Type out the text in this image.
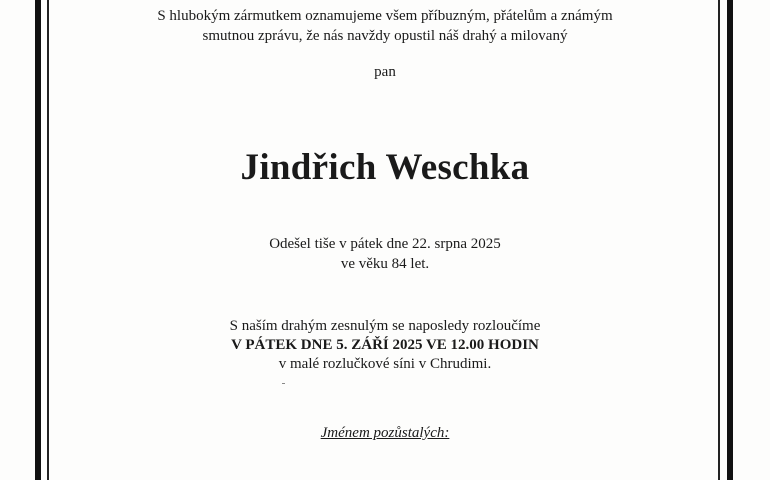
S hlubokým zármutkem oznamujeme všem příbuzným, přátelům a známým
smutnou zprávu, že nás navždy opustil náš drahý a milovaný
pan
Jindřich Weschka
Odešel tiše v pátek dne 22. srpna 2025
ve věku 84 let.
S naším drahým zesnulým se naposledy rozloučíme
V PÁTEK DNE 5. ZÁŘÍ 2025 VE 12.00 HODIN
v malé rozlučkové síni v Chrudimi.
Jménem pozůstalých:
